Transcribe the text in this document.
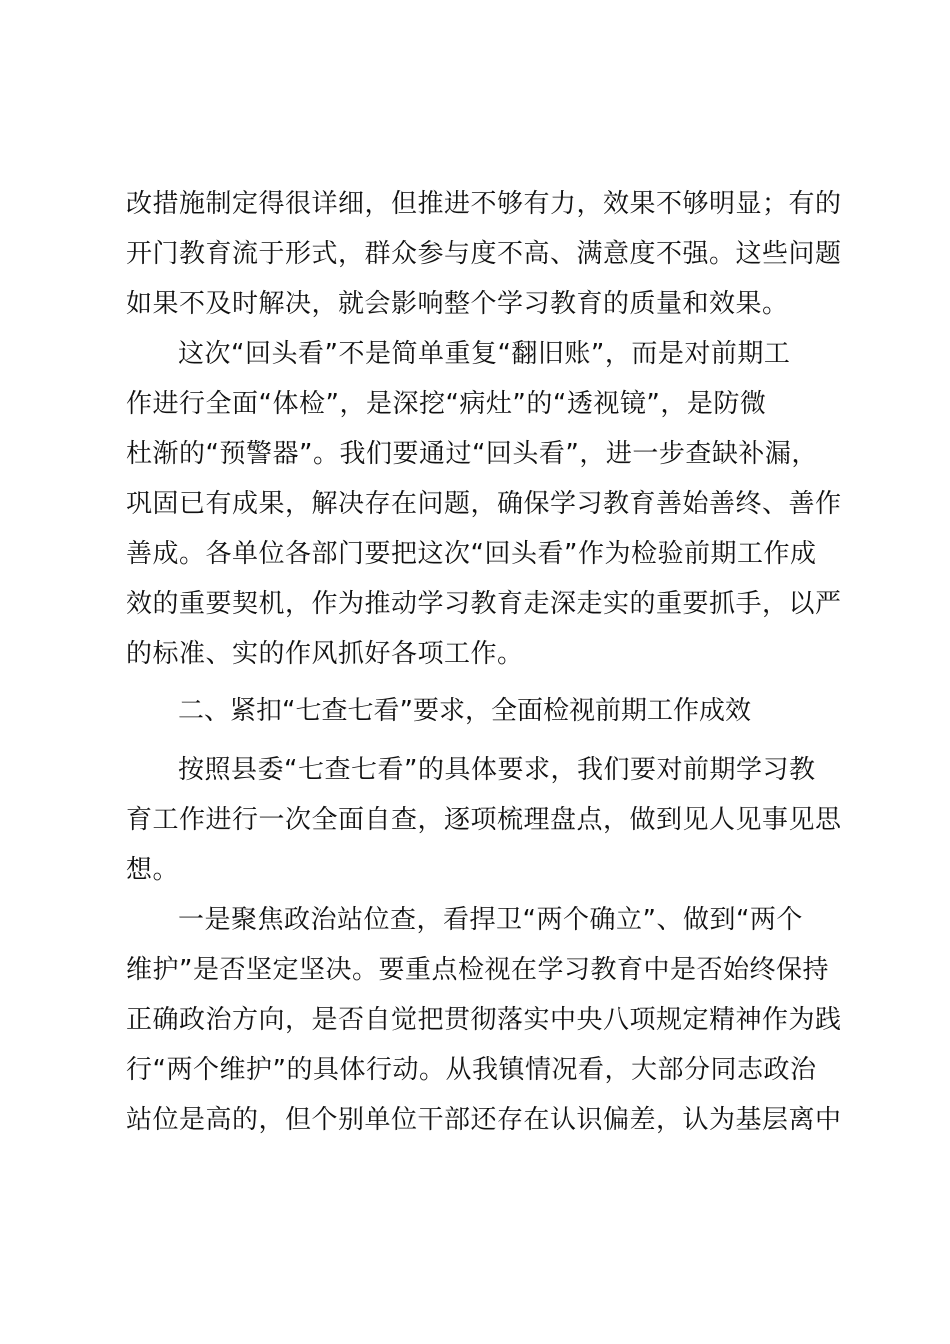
改措施制定得很详细，但推进不够有力，效果不够明显；有的
开门教育流于形式，群众参与度不高、满意度不强。这些问题
如果不及时解决，就会影响整个学习教育的质量和效果。
这次“回头看”不是简单重复“翻旧账”，而是对前期工
作进行全面“体检”，是深挖“病灶”的“透视镜”，是防微
杜渐的“预警器”。我们要通过“回头看”，进一步查缺补漏，
巩固已有成果，解决存在问题，确保学习教育善始善终、善作
善成。各单位各部门要把这次“回头看”作为检验前期工作成
效的重要契机，作为推动学习教育走深走实的重要抓手，以严
的标准、实的作风抓好各项工作。
二、紧扣“七查七看”要求，全面检视前期工作成效
按照县委“七查七看”的具体要求，我们要对前期学习教
育工作进行一次全面自查，逐项梳理盘点，做到见人见事见思
想。
一是聚焦政治站位查，看捍卫“两个确立”、做到“两个
维护”是否坚定坚决。要重点检视在学习教育中是否始终保持
正确政治方向，是否自觉把贯彻落实中央八项规定精神作为践
行“两个维护”的具体行动。从我镇情况看，大部分同志政治
站位是高的，但个别单位干部还存在认识偏差，认为基层离中
